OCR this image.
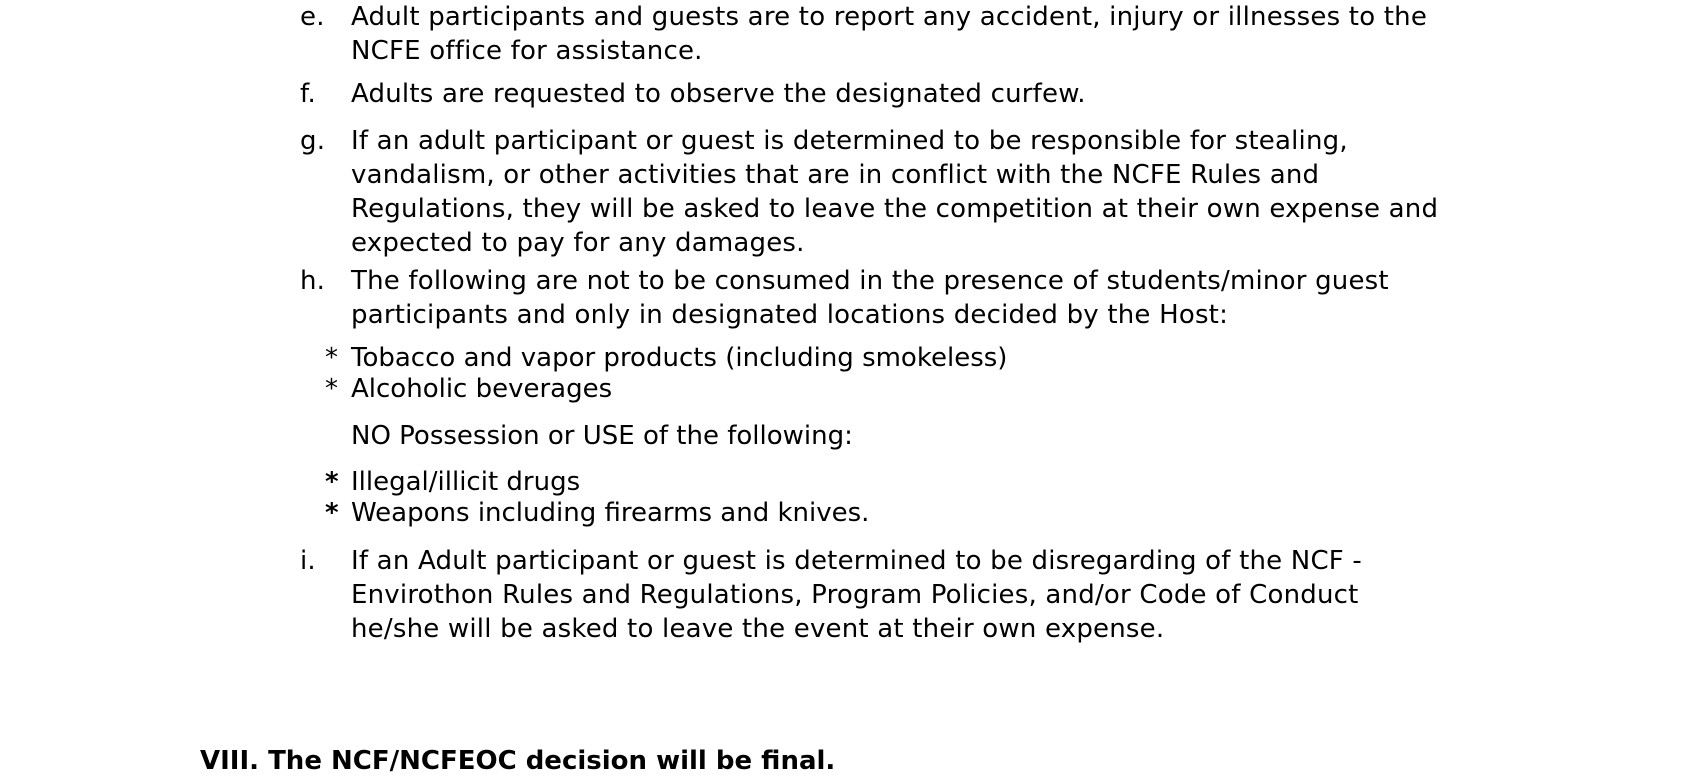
e.	Adult participants and guests are to report any accident, injury or illnesses to the
NCFE office for assistance.
f.	Adults are requested to observe the designated curfew.
g. If an adult participant or guest is determined to be responsible for stealing,
vandalism, or other activities that are in conflict with the NCFE Rules and
Regulations, they will be asked to leave the competition at their own expense and
expected to pay for any damages.
h. The following are not to be consumed in the presence of students/minor guest
participants and only in designated locations decided by the Host:
* Tobacco and vapor products (including smokeless)
* Alcoholic beverages
NO Possession or USE of the following:
* Illegal/illicit drugs
* Weapons including firearms and knives.
i.	If an Adult participant or guest is determined to be disregarding of the NCF -
Envirothon Rules and Regulations, Program Policies, and/or Code of Conduct
he/she will be asked to leave the event at their own expense.
VIII. The NCF/NCFEOC decision will be final.
